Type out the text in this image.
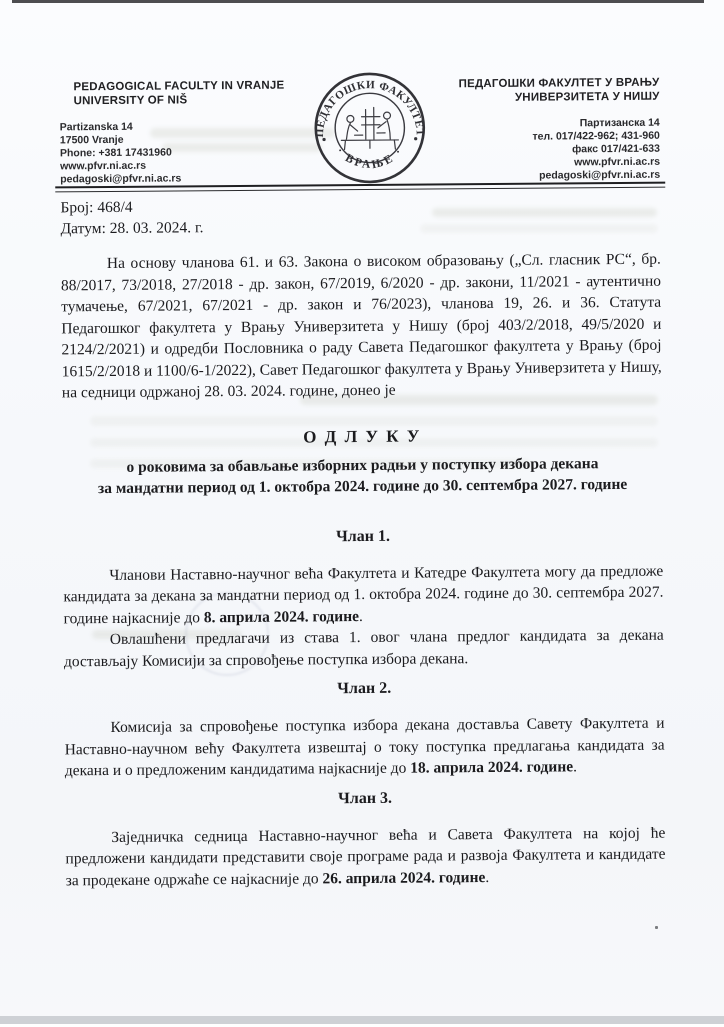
PEDAGOGICAL FACULTY IN VRANJE
UNIVERSITY OF NIŠ
Partizanska 14
17500 Vranje
Phone: +381 17431960
www.pfvr.ni.ac.rs
pedagoski@pfvr.ni.ac.rs
ПЕДАГОШКИ ФАКУЛТЕТ
· ВРАЊЕ ·
ПЕДАГОШКИ ФАКУЛТЕТ У ВРАЊУ
УНИВЕРЗИТЕТА У НИШУ
Партизанска 14
тел. 017/422-962; 431-960
факс 017/421-633
www.pfvr.ni.ac.rs
pedagoski@pfvr.ni.ac.rs
Број: 468/4
Датум: 28. 03. 2024. г.

На основу чланова 61. и 63. Закона о високом образовању („Сл. гласник РС“, бр. 88/2017, 73/2018, 27/2018 - др. закон, 67/2019, 6/2020 - др. закони, 11/2021 - аутентично тумачење, 67/2021, 67/2021 - др. закон и 76/2023), чланова 19, 26. и 36. Статута Педагошког факултета у Врању Универзитета у Нишу (број 403/2/2018, 49/5/2020 и 2124/2/2021) и одредби Пословника о раду Савета Педагошког факултета у Врању (број 1615/2/2018 и 1100/6-1/2022), Савет Педагошког факултета у Врању Универзитета у Нишу, на седници одржаној 28. 03. 2024. године, донео је

О Д Л У К У
о роковима за обављање изборних радњи у поступку избора декана
за мандатни период од 1. октобра 2024. године до 30. септембра 2027. године
Члан 1.

Чланови Наставно-научног већа Факултета и Катедре Факултета могу да предложе кандидата за декана за мандатни период од 1. октобра 2024. године до 30. септембра 2027. године најкасније до 8. априла 2024. године.

Овлашћени предлагачи из става 1. овог члана предлог кандидата за декана достављају Комисији за спровођење поступка избора декана.

Члан 2.

Комисија за спровођење поступка избора декана доставља Савету Факултета и Наставно-научном већу Факултета извештај о току поступка предлагања кандидата за декана и о предложеним кандидатима најкасније до 18. априла 2024. године.

Члан 3.

Заједничка седница Наставно-научног већа и Савета Факултета на којој ће предложени кандидати представити своје програме рада и развоја Факултета и кандидате за продекане одржаће се најкасније до 26. априла 2024. године.
